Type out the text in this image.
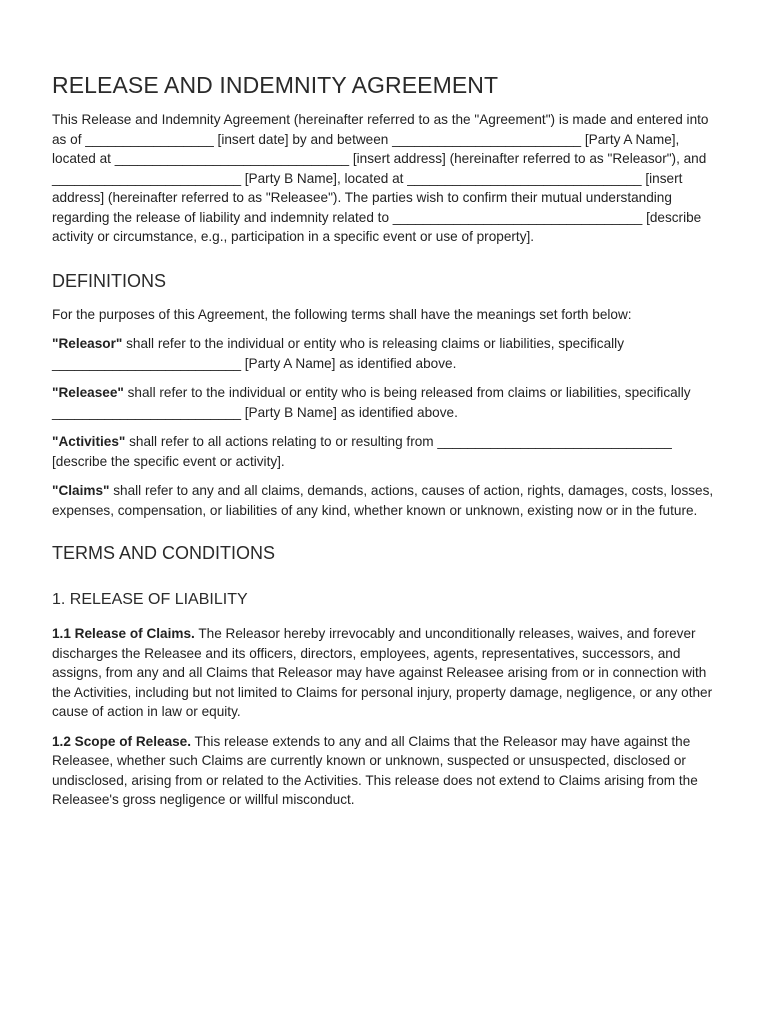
RELEASE AND INDEMNITY AGREEMENT

This Release and Indemnity Agreement (hereinafter referred to as the "Agreement") is made and entered into as of _________________ [insert date] by and between _________________________ [Party A Name], located at _______________________________ [insert address] (hereinafter referred to as "Releasor"), and _________________________ [Party B Name], located at _______________________________ [insert address] (hereinafter referred to as "Releasee"). The parties wish to confirm their mutual understanding regarding the release of liability and indemnity related to _________________________________ [describe activity or circumstance, e.g., participation in a specific event or use of property].

DEFINITIONS

For the purposes of this Agreement, the following terms shall have the meanings set forth below:

"Releasor" shall refer to the individual or entity who is releasing claims or liabilities, specifically _________________________ [Party A Name] as identified above.

"Releasee" shall refer to the individual or entity who is being released from claims or liabilities, specifically _________________________ [Party B Name] as identified above.

"Activities" shall refer to all actions relating to or resulting from _______________________________ [describe the specific event or activity].

"Claims" shall refer to any and all claims, demands, actions, causes of action, rights, damages, costs, losses, expenses, compensation, or liabilities of any kind, whether known or unknown, existing now or in the future.

TERMS AND CONDITIONS
1. RELEASE OF LIABILITY

1.1 Release of Claims. The Releasor hereby irrevocably and unconditionally releases, waives, and forever discharges the Releasee and its officers, directors, employees, agents, representatives, successors, and assigns, from any and all Claims that Releasor may have against Releasee arising from or in connection with the Activities, including but not limited to Claims for personal injury, property damage, negligence, or any other cause of action in law or equity.

1.2 Scope of Release. This release extends to any and all Claims that the Releasor may have against the Releasee, whether such Claims are currently known or unknown, suspected or unsuspected, disclosed or undisclosed, arising from or related to the Activities. This release does not extend to Claims arising from the Releasee's gross negligence or willful misconduct.
